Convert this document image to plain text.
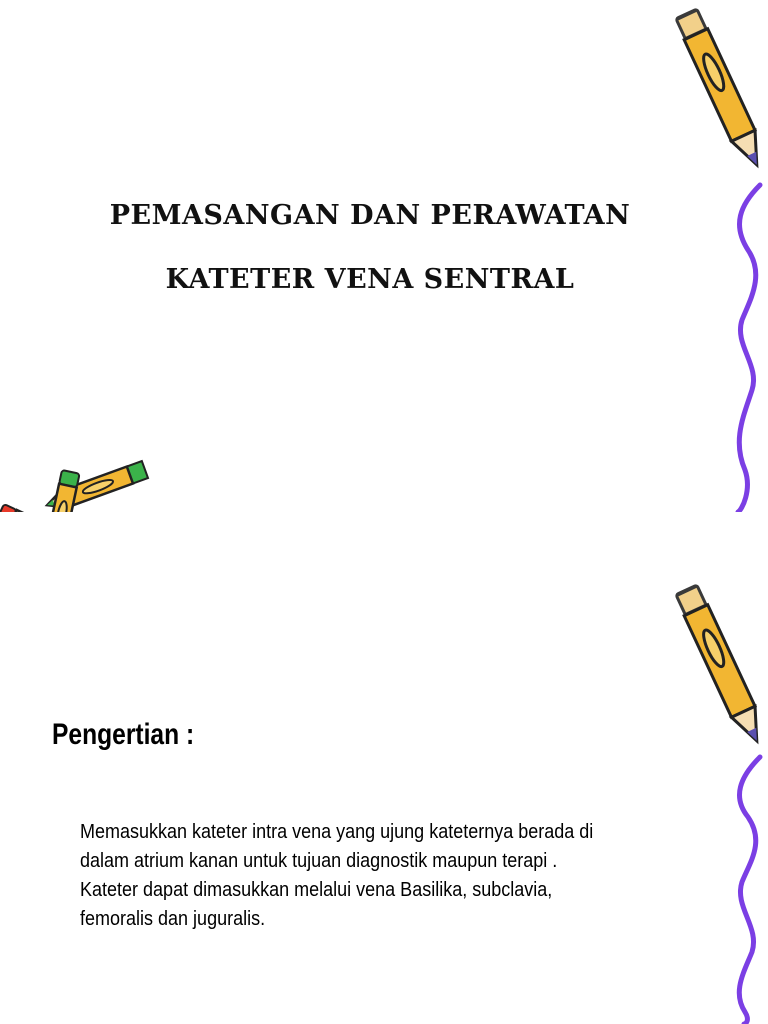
PEMASANGAN DAN PERAWATAN
KATETER VENA SENTRAL
Pengertian :

Memasukkan kateter intra vena yang ujung kateternya berada di
dalam atrium kanan untuk tujuan diagnostik maupun terapi .
Kateter dapat dimasukkan melalui vena Basilika, subclavia,
femoralis dan juguralis.
